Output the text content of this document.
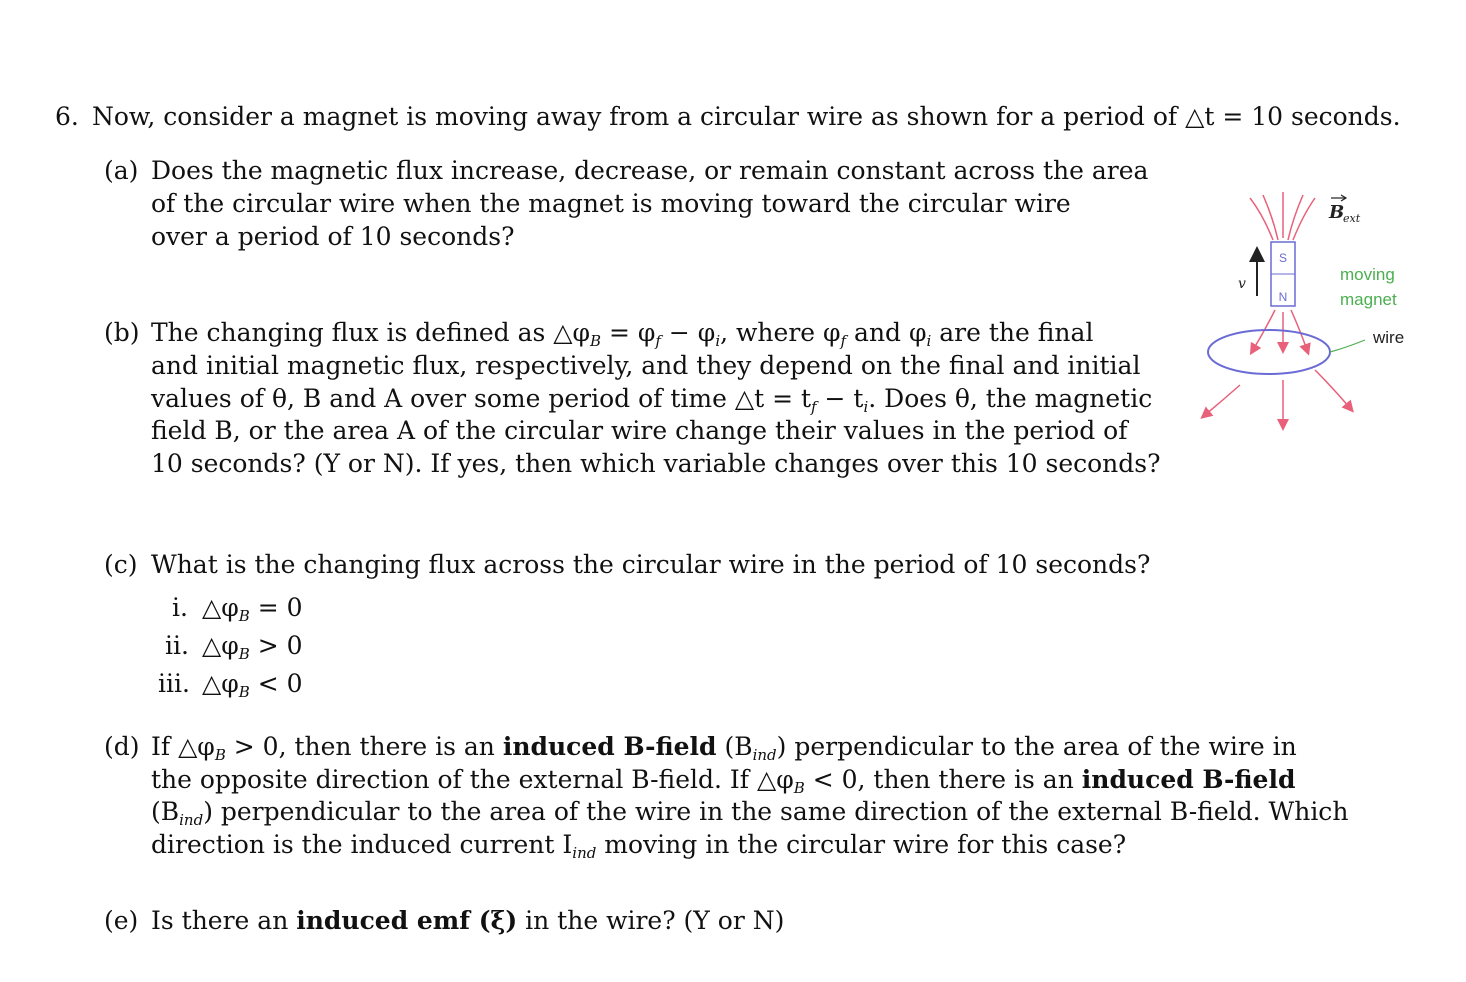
6. Now, consider a magnet is moving away from a circular wire as shown for a period of △t = 10 seconds.
(a) Does the magnetic flux increase, decrease, or remain constant across the area
of the circular wire when the magnet is moving toward the circular wire
over a period of 10 seconds?
(b) The changing flux is defined as $\triangle\varphi_B = \varphi_f - \varphi_i$, where $\varphi_f$ and $\varphi_i$ are the final
and initial magnetic flux, respectively, and they depend on the final and initial
values of θ, B and A over some period of time △t = $t_f - t_i$. Does θ, the magnetic
field B, or the area A of the circular wire change their values in the period of
10 seconds? (Y or N). If yes, then which variable changes over this 10 seconds?
(c) What is the changing flux across the circular wire in the period of 10 seconds?
i. $\triangle\varphi_B = 0$
ii. $\triangle\varphi_B > 0$
iii. $\triangle\varphi_B < 0$
(d) If $\triangle\varphi_B > 0$, then there is an induced B-field $(B_{ind})$ perpendicular to the area of the wire in
the opposite direction of the external B-field. If $\triangle\varphi_B < 0$, then there is an induced B-field
$(B_{ind})$ perpendicular to the area of the wire in the same direction of the external B-field. Which
direction is the induced current $I_{ind}$ moving in the circular wire for this case?
(e) Is there an induced emf (ξ) in the wire? (Y or N)
S
N
v
B
ext
moving
magnet
wire
